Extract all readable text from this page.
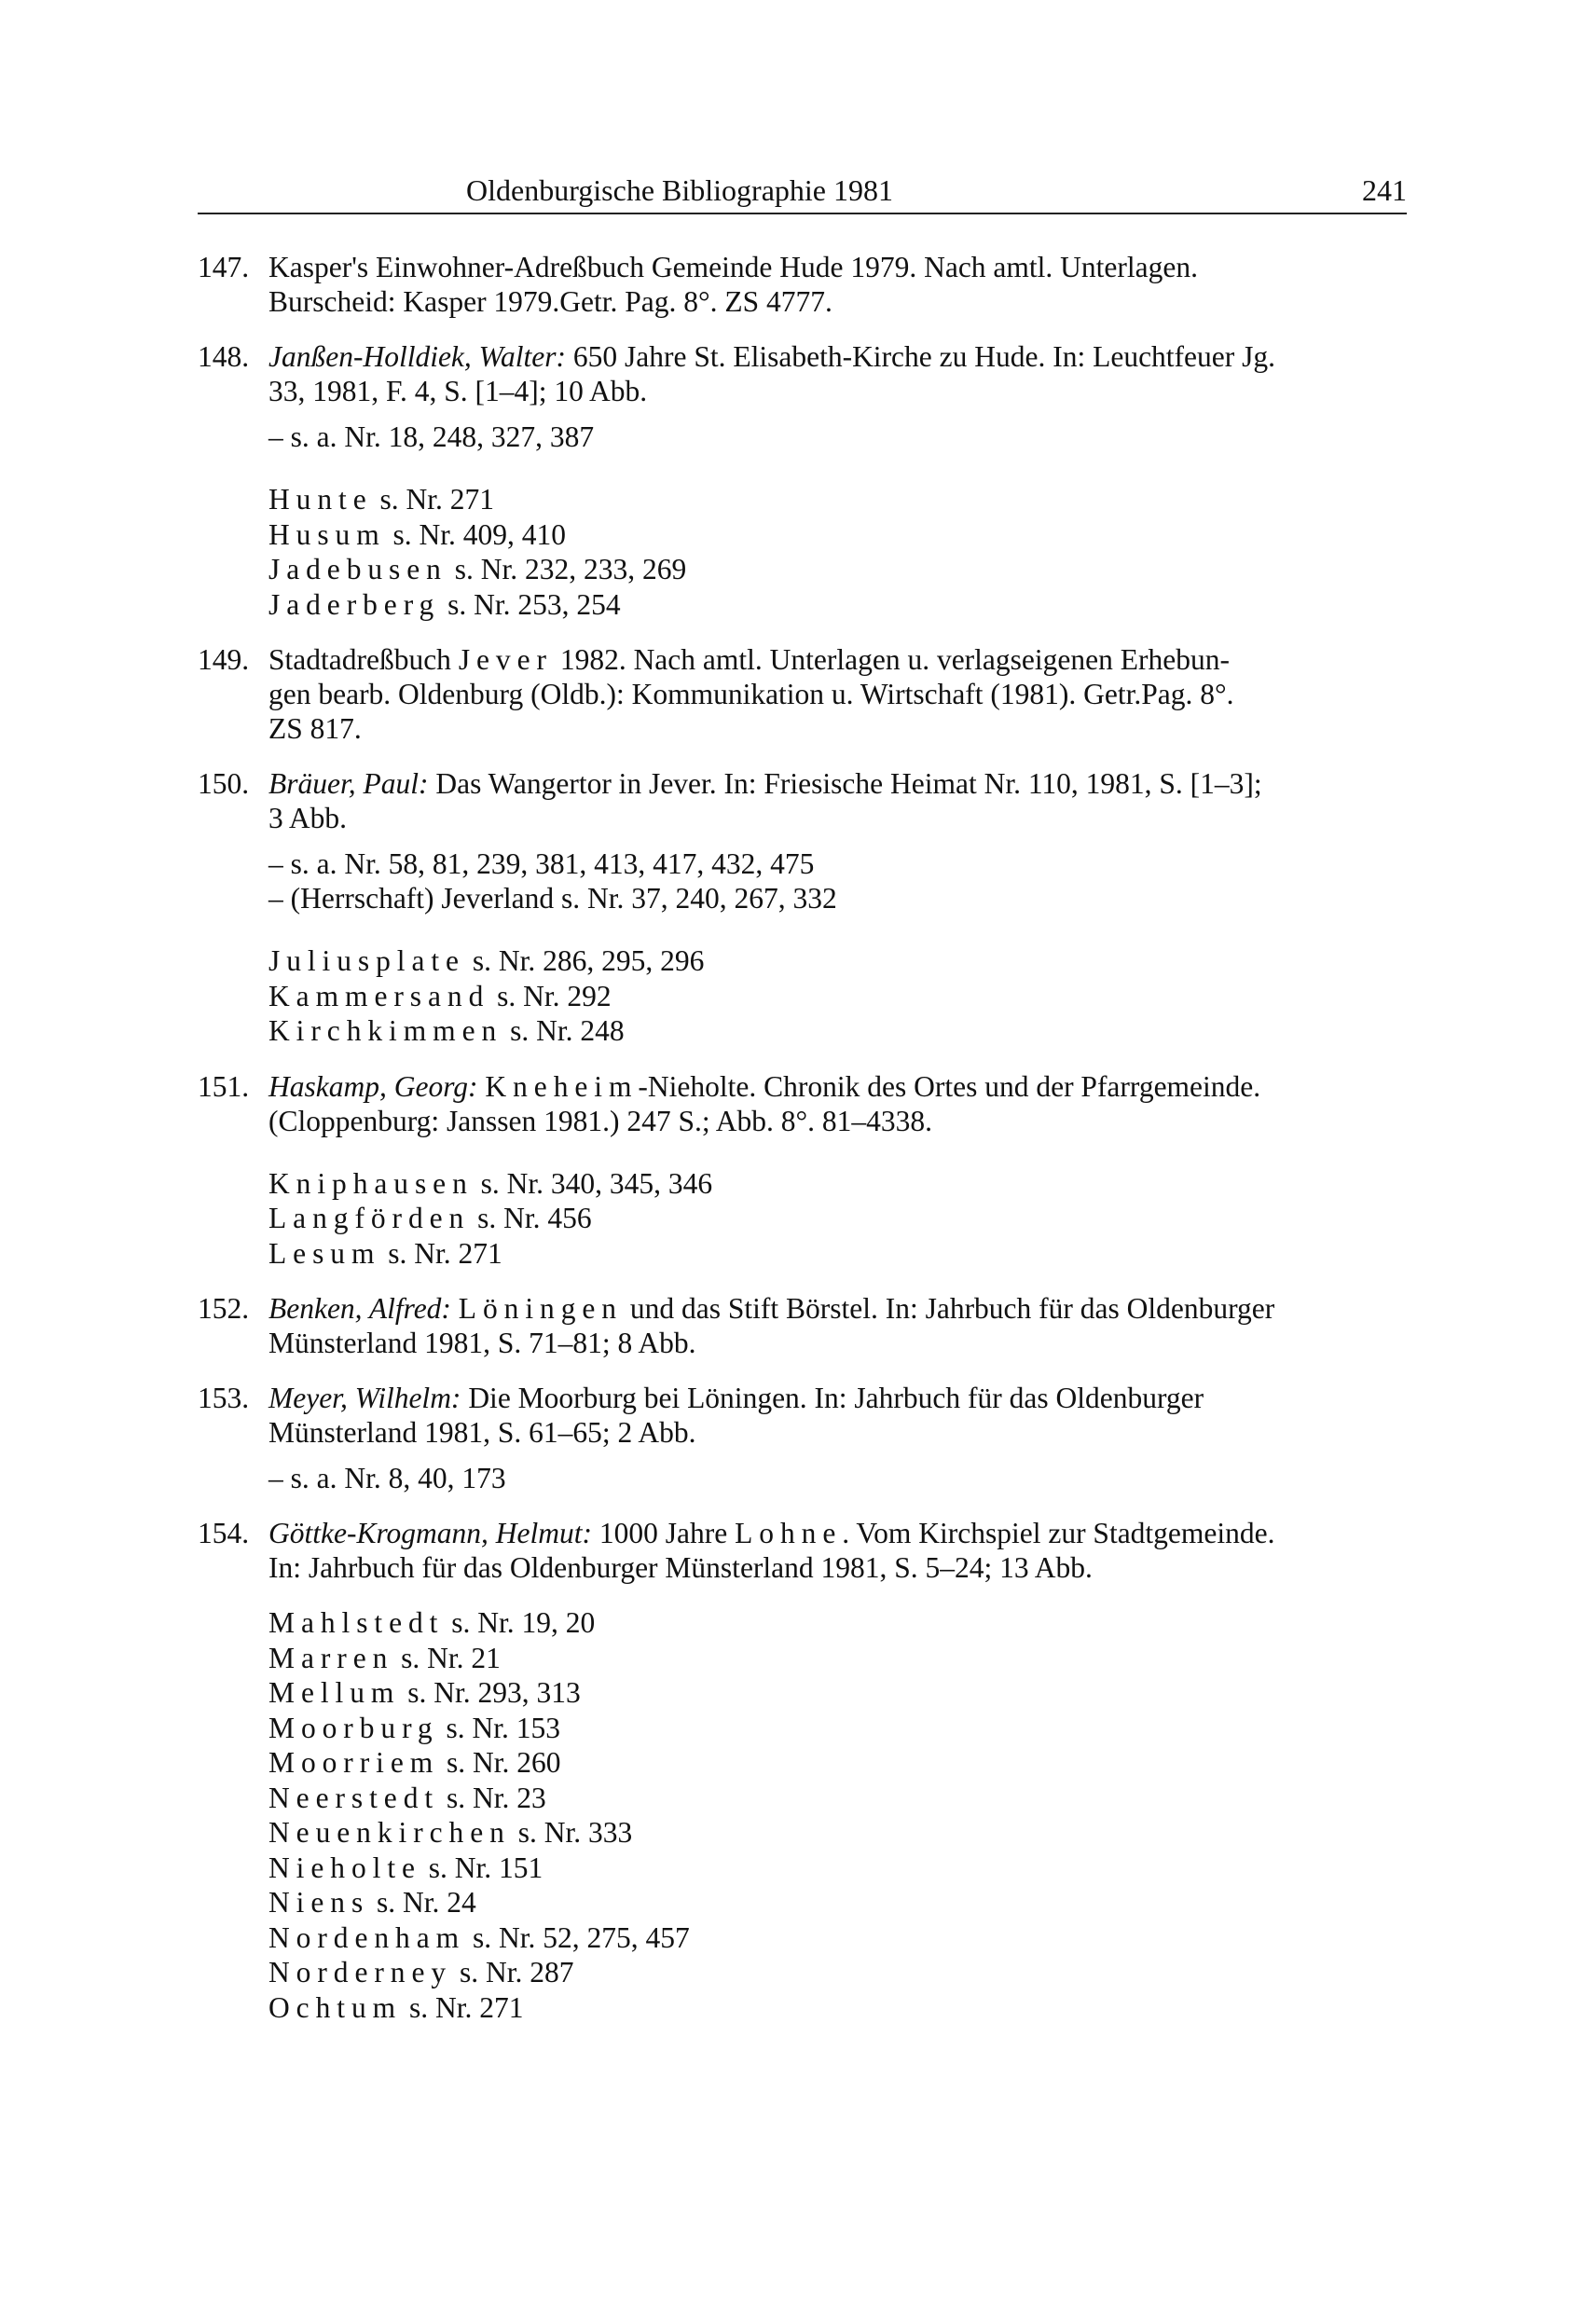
Oldenburgische Bibliographie 1981	241
147. Kasper's Einwohner-Adreßbuch Gemeinde Hude 1979. Nach amtl. Unterlagen.
Burscheid: Kasper 1979.Getr. Pag. 8°. ZS 4777.
148. Janßen-Holldiek, Walter: 650 Jahre St. Elisabeth-Kirche zu Hude. In: Leuchtfeuer Jg.
33, 1981, F. 4, S. [1–4]; 10 Abb.
– s. a. Nr. 18, 248, 327, 387
Hunte s. Nr. 271
Husum s. Nr. 409, 410
Jadebusen s. Nr. 232, 233, 269
Jaderberg s. Nr. 253, 254
149. Stadtadreßbuch Jever 1982. Nach amtl. Unterlagen u. verlagseigenen Erhebun-
gen bearb. Oldenburg (Oldb.): Kommunikation u. Wirtschaft (1981). Getr.Pag. 8°.
ZS 817.
150. Bräuer, Paul: Das Wangertor in Jever. In: Friesische Heimat Nr. 110, 1981, S. [1–3];
3 Abb.
– s. a. Nr. 58, 81, 239, 381, 413, 417, 432, 475
– (Herrschaft) Jeverland s. Nr. 37, 240, 267, 332
Juliusplate s. Nr. 286, 295, 296
Kammersand s. Nr. 292
Kirchkimmen s. Nr. 248
151. Haskamp, Georg: Kneheim-Nieholte. Chronik des Ortes und der Pfarrgemeinde.
(Cloppenburg: Janssen 1981.) 247 S.; Abb. 8°. 81–4338.
Kniphausen s. Nr. 340, 345, 346
Langförden s. Nr. 456
Lesum s. Nr. 271
152. Benken, Alfred: Löningen und das Stift Börstel. In: Jahrbuch für das Oldenburger
Münsterland 1981, S. 71–81; 8 Abb.
153. Meyer, Wilhelm: Die Moorburg bei Löningen. In: Jahrbuch für das Oldenburger
Münsterland 1981, S. 61–65; 2 Abb.
– s. a. Nr. 8, 40, 173
154. Göttke-Krogmann, Helmut: 1000 Jahre Lohne. Vom Kirchspiel zur Stadtgemeinde.
In: Jahrbuch für das Oldenburger Münsterland 1981, S. 5–24; 13 Abb.
Mahlstedt s. Nr. 19, 20
Marren s. Nr. 21
Mellum s. Nr. 293, 313
Moorburg s. Nr. 153
Moorriem s. Nr. 260
Neerstedt s. Nr. 23
Neuenkirchen s. Nr. 333
Nieholte s. Nr. 151
Niens s. Nr. 24
Nordenham s. Nr. 52, 275, 457
Norderney s. Nr. 287
Ochtum s. Nr. 271
